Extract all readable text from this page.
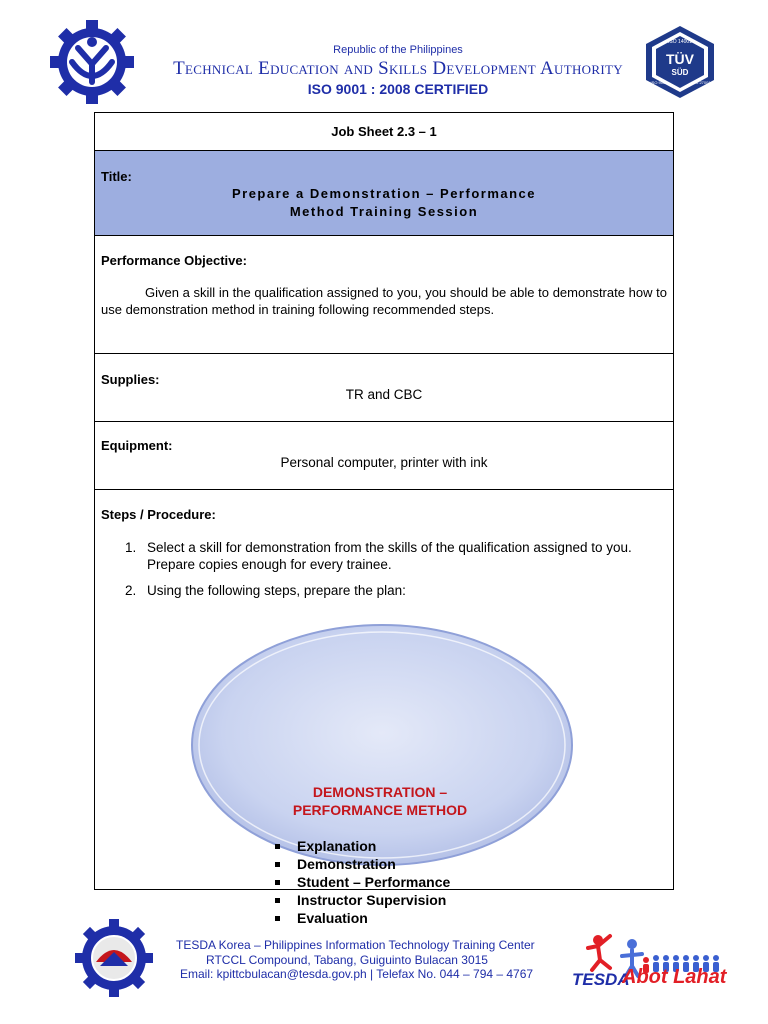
Republic of the Philippines
Technical Education and Skills Development Authority
ISO 9001 : 2008 CERTIFIED
ISO 14001
TÜV
SÜD
ISO 9001	ISO 27001
Job Sheet 2.3 – 1
Title:
Prepare a Demonstration – Performance
Method Training Session
Performance Objective:
Given a skill in the qualification assigned to you, you should be able to demonstrate how to use demonstration method in training following recommended steps.
Supplies:
TR and CBC
Equipment:
Personal computer, printer with ink
Steps / Procedure:
1. Select a skill for demonstration from the skills of the qualification assigned to you. Prepare copies enough for every trainee.
2. Using the following steps, prepare the plan:
DEMONSTRATION –
PERFORMANCE METHOD
Explanation
Demonstration
Student – Performance
Instructor Supervision
Evaluation
TESDA Korea – Philippines Information Technology Training Center
RTCCL Compound, Tabang, Guiguinto Bulacan 3015
Email: kpittcbulacan@tesda.gov.ph | Telefax No. 044 – 794 – 4767 TESDA
Abot Lahat
